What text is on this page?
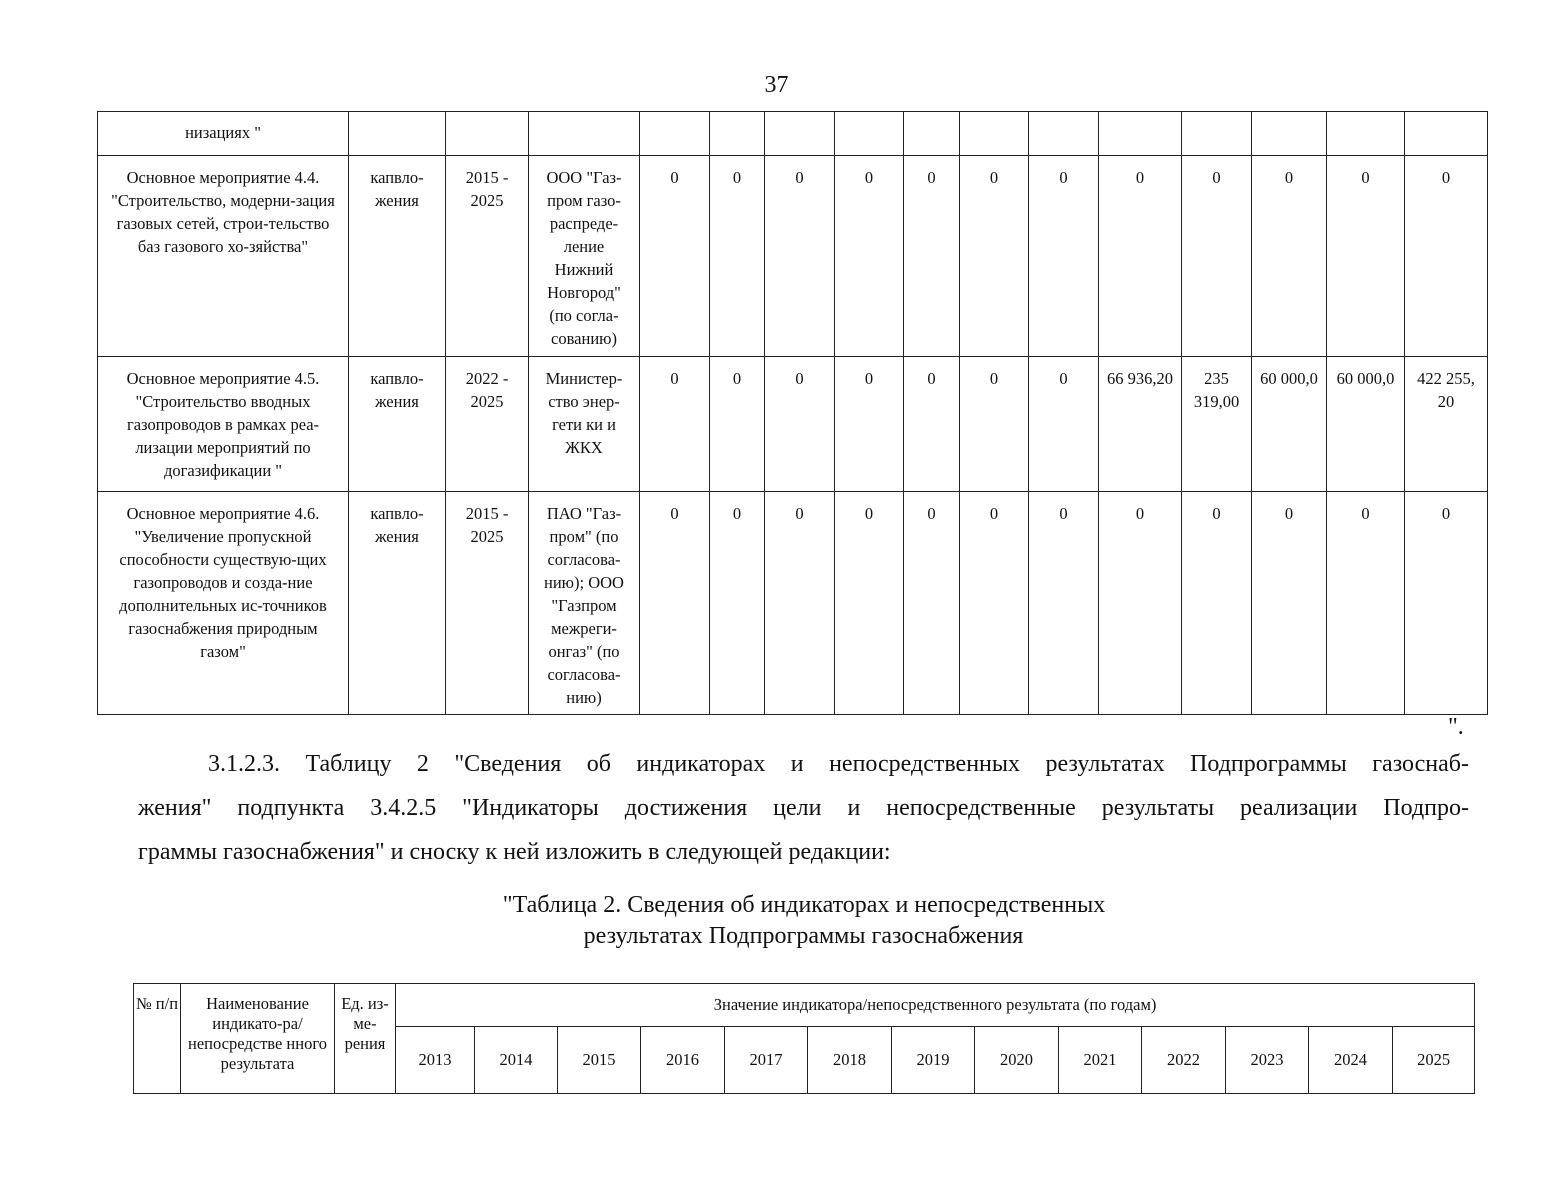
37
низациях "															
Основное мероприятие 4.4. "Строительство, модерни-зация газовых сетей, строи-тельство баз газового хо-зяйства"	капвло-жения	2015 - 2025	ООО "Газ-пром газо-распреде-ление Нижний Новгород" (по согла-сованию)	0	0	0	0	0	0	0	0	0	0	0	0
Основное мероприятие 4.5. "Строительство вводных газопроводов в рамках реа-лизации мероприятий по догазификации "	капвло-жения	2022 - 2025	Министер-ство энер-гети ки и ЖКХ	0	0	0	0	0	0	0	66 936,20	235 319,00	60 000,0	60 000,0	422 255, 20
Основное мероприятие 4.6. "Увеличение пропускной способности существую-щих газопроводов и созда-ние дополнительных ис-точников газоснабжения природным газом"	капвло-жения	2015 - 2025	ПАО "Газ-пром" (по согласова-нию); ООО "Газпром межреги-онгаз" (по согласова-нию)	0	0	0	0	0	0	0	0	0	0	0	0
".
3.1.2.3. Таблицу 2 "Сведения об индикаторах и непосредственных результатах Подпрограммы газоснаб-
жения" подпункта 3.4.2.5 "Индикаторы достижения цели и непосредственные результаты реализации Подпро-
граммы газоснабжения" и сноску к ней изложить в следующей редакции:
"Таблица 2. Сведения об индикаторах и непосредственных
результатах Подпрограммы газоснабжения
№ п/п	Наименование индикато-ра/непосредстве нного результата	Ед. из-ме-рения	Значение индикатора/непосредственного результата (по годам)												
			2013	2014	2015	2016	2017	2018	2019	2020	2021	2022	2023	2024	2025
